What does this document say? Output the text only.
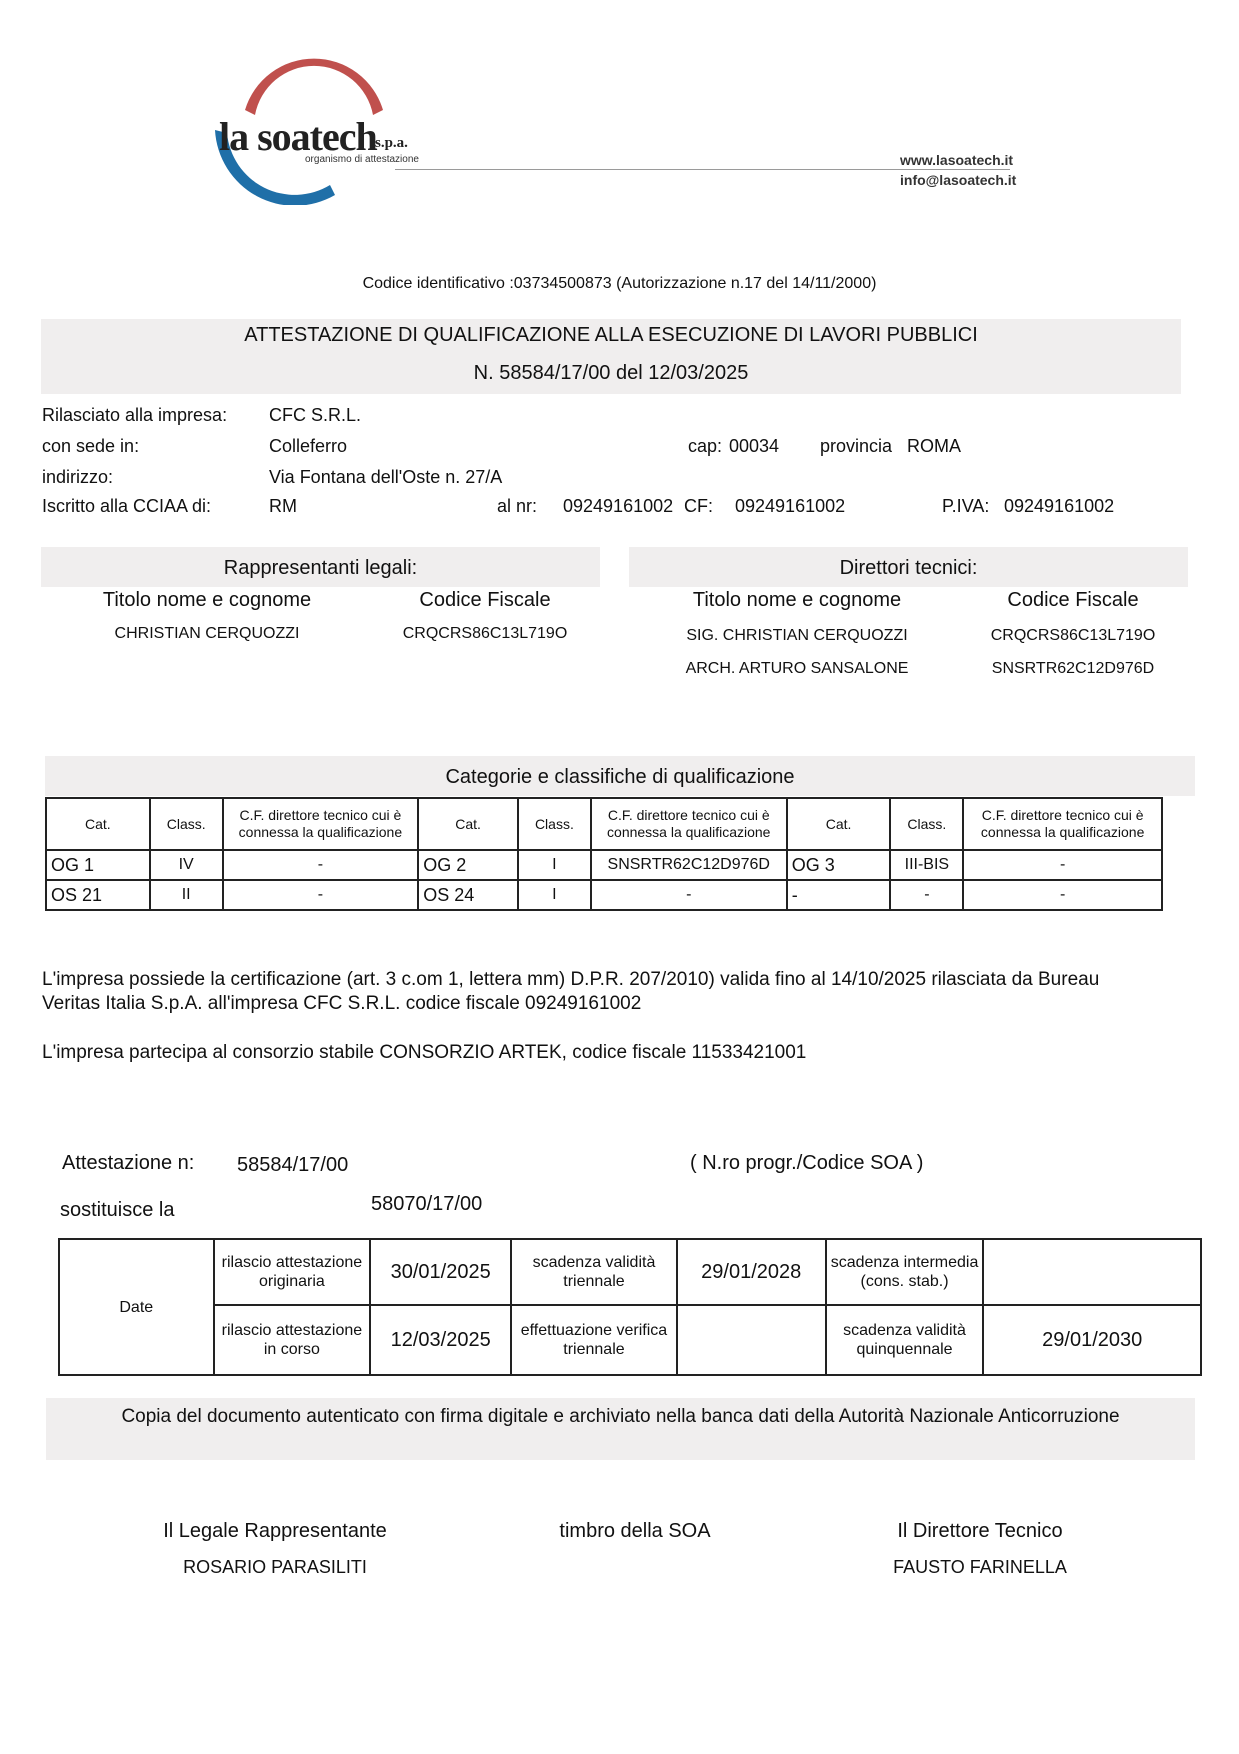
la soatech
s.p.a.
organismo di attestazione	www.lasoatech.it
info@lasoatech.it
Codice identificativo :03734500873 (Autorizzazione n.17 del 14/11/2000)
ATTESTAZIONE DI QUALIFICAZIONE ALLA ESECUZIONE DI LAVORI PUBBLICI
N. 58584/17/00 del 12/03/2025
Rilasciato alla impresa: CFC S.R.L.
con sede in:	Colleferro	cap: 00034 provincia ROMA
indirizzo:	Via Fontana dell'Oste n. 27/A
Iscritto alla CCIAA di:	RM	al nr: 09249161002 CF: 09249161002	P.IVA: 09249161002
Rappresentanti legali:
Titolo nome e cognome	Codice Fiscale
CHRISTIAN CERQUOZZI	CRQCRS86C13L719O
Direttori tecnici:
Titolo nome e cognome	Codice Fiscale
SIG. CHRISTIAN CERQUOZZI	CRQCRS86C13L719O
ARCH. ARTURO SANSALONE	SNSRTR62C12D976D
Categorie e classifiche di qualificazione
Cat.	Class.	C.F. direttore tecnico cui è connessa la qualificazione	Cat.	Class.	C.F. direttore tecnico cui è connessa la qualificazione	Cat.	Class.	C.F. direttore tecnico cui è connessa la qualificazione
OG 1	IV	-	OG 2	I	SNSRTR62C12D976D	OG 3	III-BIS	-
OS 21	II	-	OS 24	I	-	-	-	-
L'impresa possiede la certificazione (art. 3 c.om 1, lettera mm) D.P.R. 207/2010) valida fino al 14/10/2025 rilasciata da Bureau Veritas Italia S.p.A. all'impresa CFC S.R.L. codice fiscale 09249161002
L'impresa partecipa al consorzio stabile CONSORZIO ARTEK, codice fiscale 11533421001
Attestazione n: 58584/17/00	( N.ro progr./Codice SOA )
sostituisce la	58070/17/00
Date	rilascio attestazione originaria	30/01/2025	scadenza validità triennale	29/01/2028	scadenza intermedia (cons. stab.)	
	rilascio attestazione in corso	12/03/2025	effettuazione verifica triennale		scadenza validità quinquennale	29/01/2030
Copia del documento autenticato con firma digitale e archiviato nella banca dati della Autorità Nazionale Anticorruzione
Il Legale Rappresentante
ROSARIO PARASILITI
timbro della SOA	Il Direttore Tecnico
FAUSTO FARINELLA
